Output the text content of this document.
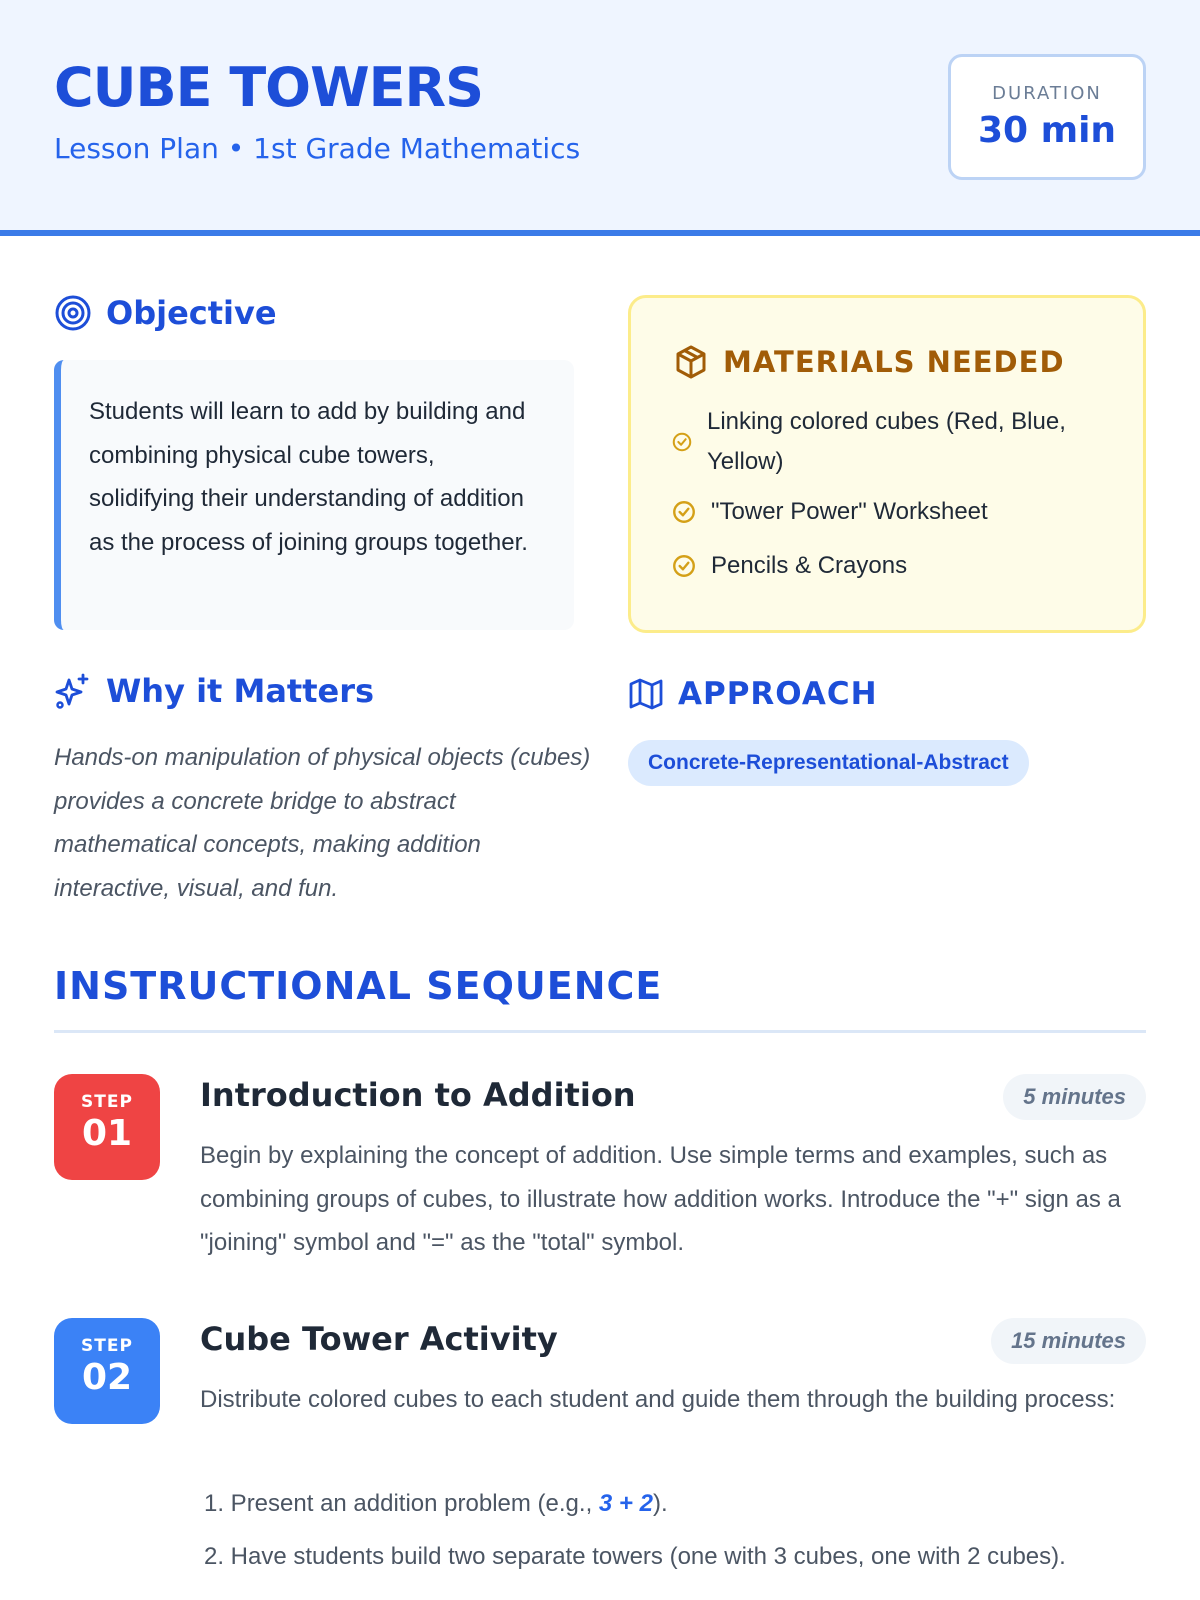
CUBE TOWERS
Lesson Plan • 1st Grade Mathematics
DURATION
30 min
Objective
Students will learn to add by building and combining physical cube towers, solidifying their understanding of addition as the process of joining groups together.
MATERIALS NEEDED
Linking colored cubes (Red, Blue, Yellow)
"Tower Power" Worksheet
Pencils & Crayons
Why it Matters
Hands-on manipulation of physical objects (cubes) provides a concrete bridge to abstract mathematical concepts, making addition interactive, visual, and fun.
APPROACH
Concrete-Representational-Abstract
INSTRUCTIONAL SEQUENCE
STEP
01
Introduction to Addition	5 minutes
Begin by explaining the concept of addition. Use simple terms and examples, such as combining groups of cubes, to illustrate how addition works. Introduce the "+" sign as a "joining" symbol and "=" as the "total" symbol.
STEP
02
Cube Tower Activity	15 minutes
Distribute colored cubes to each student and guide them through the building process:
1. Present an addition problem (e.g., 3 + 2).
2. Have students build two separate towers (one with 3 cubes, one with 2 cubes).
